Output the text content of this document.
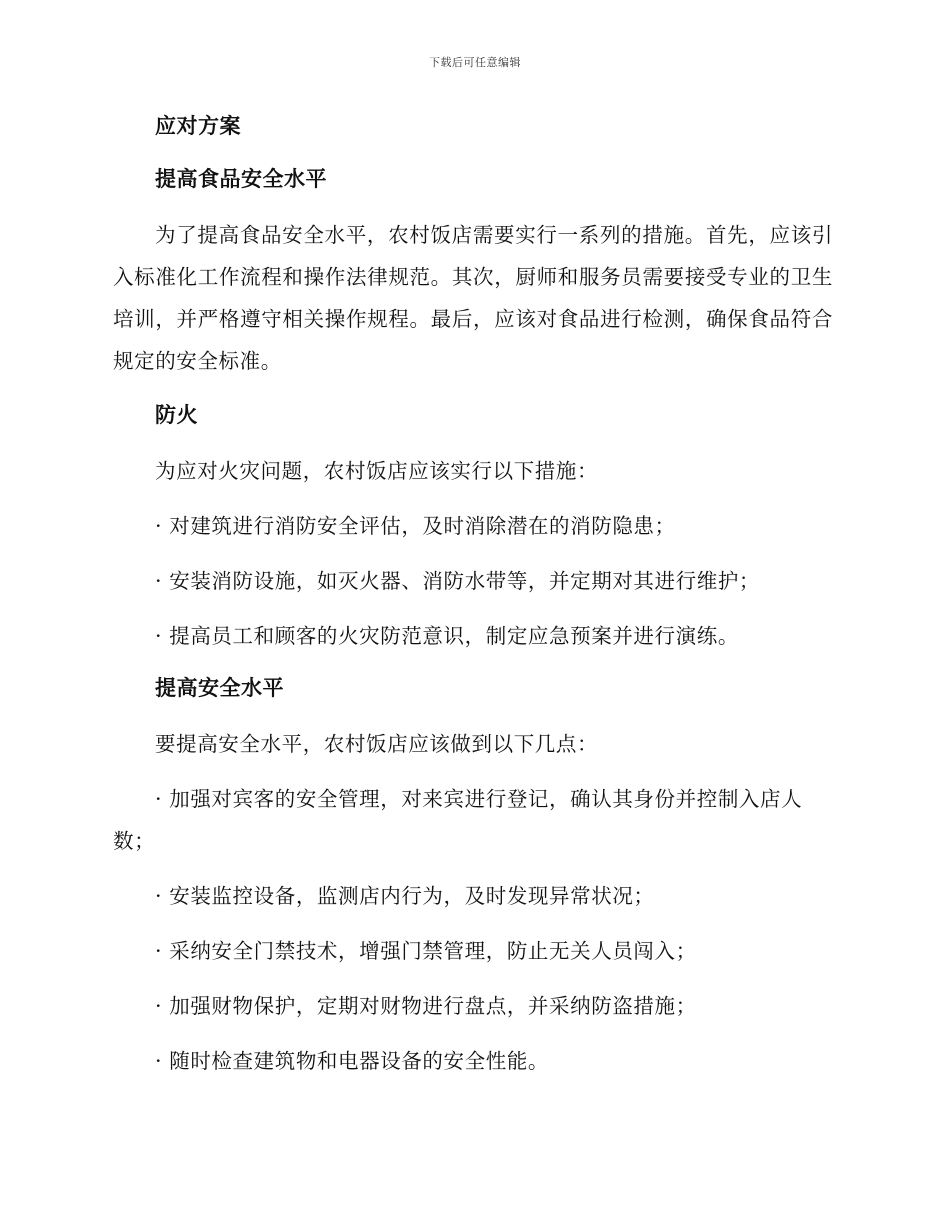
下载后可任意编辑
应对方案
提高食品安全水平

为了提高食品安全水平，农村饭店需要实行一系列的措施。首先，应该引入标准化工作流程和操作法律规范。其次，厨师和服务员需要接受专业的卫生培训，并严格遵守相关操作规程。最后，应该对食品进行检测，确保食品符合规定的安全标准。

防火

为应对火灾问题，农村饭店应该实行以下措施：

· 对建筑进行消防安全评估，及时消除潜在的消防隐患；

· 安装消防设施，如灭火器、消防水带等，并定期对其进行维护；

· 提高员工和顾客的火灾防范意识，制定应急预案并进行演练。

提高安全水平

要提高安全水平，农村饭店应该做到以下几点：

· 加强对宾客的安全管理，对来宾进行登记，确认其身份并控制入店人数；

· 安装监控设备，监测店内行为，及时发现异常状况；

· 采纳安全门禁技术，增强门禁管理，防止无关人员闯入；

· 加强财物保护，定期对财物进行盘点，并采纳防盗措施；

· 随时检查建筑物和电器设备的安全性能。
